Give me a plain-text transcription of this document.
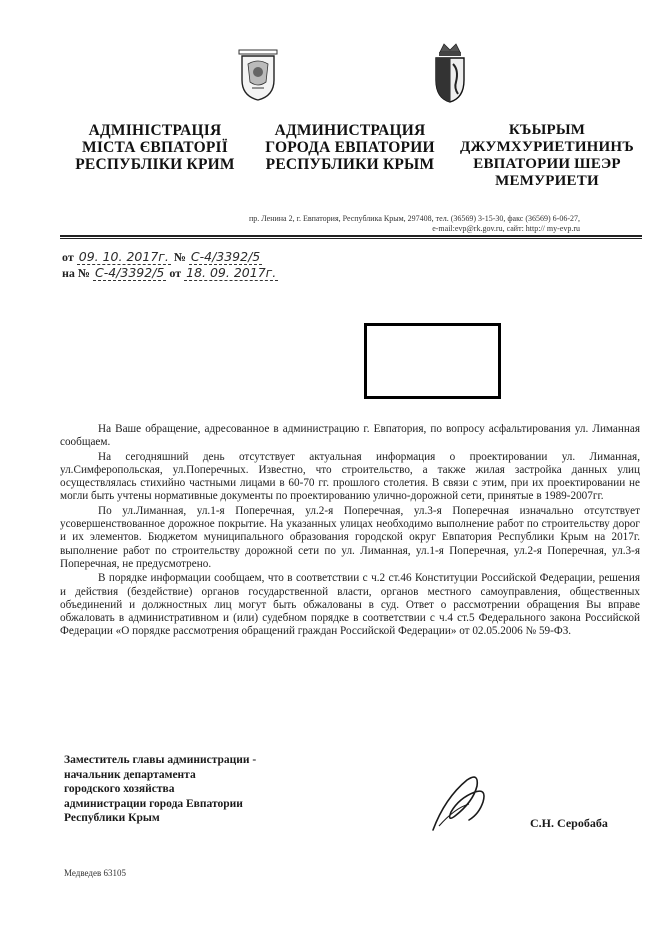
АДМІНІСТРАЦІЯ
МІСТА ЄВПАТОРІЇ
РЕСПУБЛІКИ КРИМ
АДМИНИСТРАЦИЯ
ГОРОДА ЕВПАТОРИИ
РЕСПУБЛИКИ КРЫМ
КЪЫРЫМ
ДЖУМХУРИЕТИНИНЪ
ЕВПАТОРИИ ШЕЭР
МЕМУРИЕТИ
пр. Ленина 2, г. Евпатория, Республика Крым, 297408, тел. (36569) 3-15-30, факс (36569) 6-06-27,
e-mail:evp@rk.gov.ru, сайт: http:// my-evp.ru
от 09. 10. 2017г. № С-4/3392/5
на № С-4/3392/5 от 18. 09. 2017г.

На Ваше обращение, адресованное в администрацию г. Евпатория, по вопросу асфальтирования ул. Лиманная сообщаем.

На сегодняшний день отсутствует актуальная информация о проектировании ул. Лиманная, ул.Симферопольская, ул.Поперечных. Известно, что строительство, а также жилая застройка данных улиц осуществлялась стихийно частными лицами в 60-70 гг. прошлого столетия. В связи с этим, при их проектировании не могли быть учтены нормативные документы по проектированию улично-дорожной сети, принятые в 1989-2007гг.

По ул.Лиманная, ул.1-я Поперечная, ул.2-я Поперечная, ул.3-я Поперечная изначально отсутствует усовершенствованное дорожное покрытие. На указанных улицах необходимо выполнение работ по строительству дорог и их элементов. Бюджетом муниципального образования городской округ Евпатория Республики Крым на 2017г. выполнение работ по строительству дорожной сети по ул. Лиманная, ул.1-я Поперечная, ул.2-я Поперечная, ул.3-я Поперечная, не предусмотрено.

В порядке информации сообщаем, что в соответствии с ч.2 ст.46 Конституции Российской Федерации, решения и действия (бездействие) органов государственной власти, органов местного самоуправления, общественных объединений и должностных лиц могут быть обжалованы в суд. Ответ о рассмотрении обращения Вы вправе обжаловать в административном и (или) судебном порядке в соответствии с ч.4 ст.5 Федерального закона Российской Федерации «О порядке рассмотрения обращений граждан Российской Федерации» от 02.05.2006 № 59-ФЗ.

Заместитель главы администрации -
начальник департамента
городского хозяйства
администрации города Евпатории
Республики Крым	С.Н. Серобаба
Медведев 63105
